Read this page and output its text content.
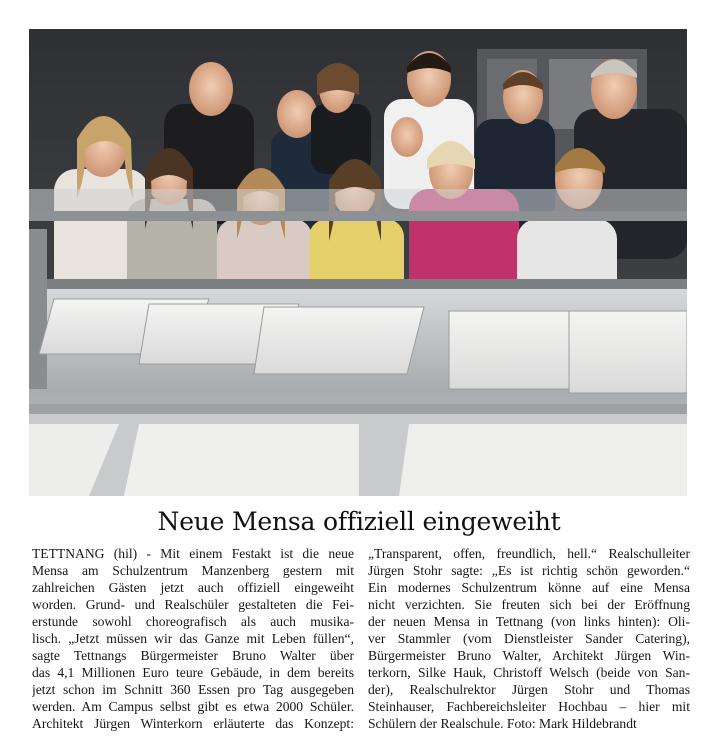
Neue Mensa offiziell eingeweiht
TETTNANG (hil) - Mit einem Festakt ist die neue
Mensa am Schulzentrum Manzenberg gestern mit
zahlreichen Gästen jetzt auch offiziell eingeweiht
worden. Grund- und Realschüler gestalteten die Fei-
erstunde sowohl choreografisch als auch musika-
lisch. „Jetzt müssen wir das Ganze mit Leben füllen“,
sagte Tettnangs Bürgermeister Bruno Walter über
das 4,1 Millionen Euro teure Gebäude, in dem bereits
jetzt schon im Schnitt 360 Essen pro Tag ausgegeben
werden. Am Campus selbst gibt es etwa 2000 Schüler.
Architekt Jürgen Winterkorn erläuterte das Konzept:
„Transparent, offen, freundlich, hell.“ Realschulleiter
Jürgen Stohr sagte: „Es ist richtig schön geworden.“
Ein modernes Schulzentrum könne auf eine Mensa
nicht verzichten. Sie freuten sich bei der Eröffnung
der neuen Mensa in Tettnang (von links hinten): Oli-
ver Stammler (vom Dienstleister Sander Catering),
Bürgermeister Bruno Walter, Architekt Jürgen Win-
terkorn, Silke Hauk, Christoff Welsch (beide von San-
der), Realschulrektor Jürgen Stohr und Thomas
Steinhauser, Fachbereichsleiter Hochbau – hier mit
Schülern der Realschule. Foto: Mark Hildebrandt
